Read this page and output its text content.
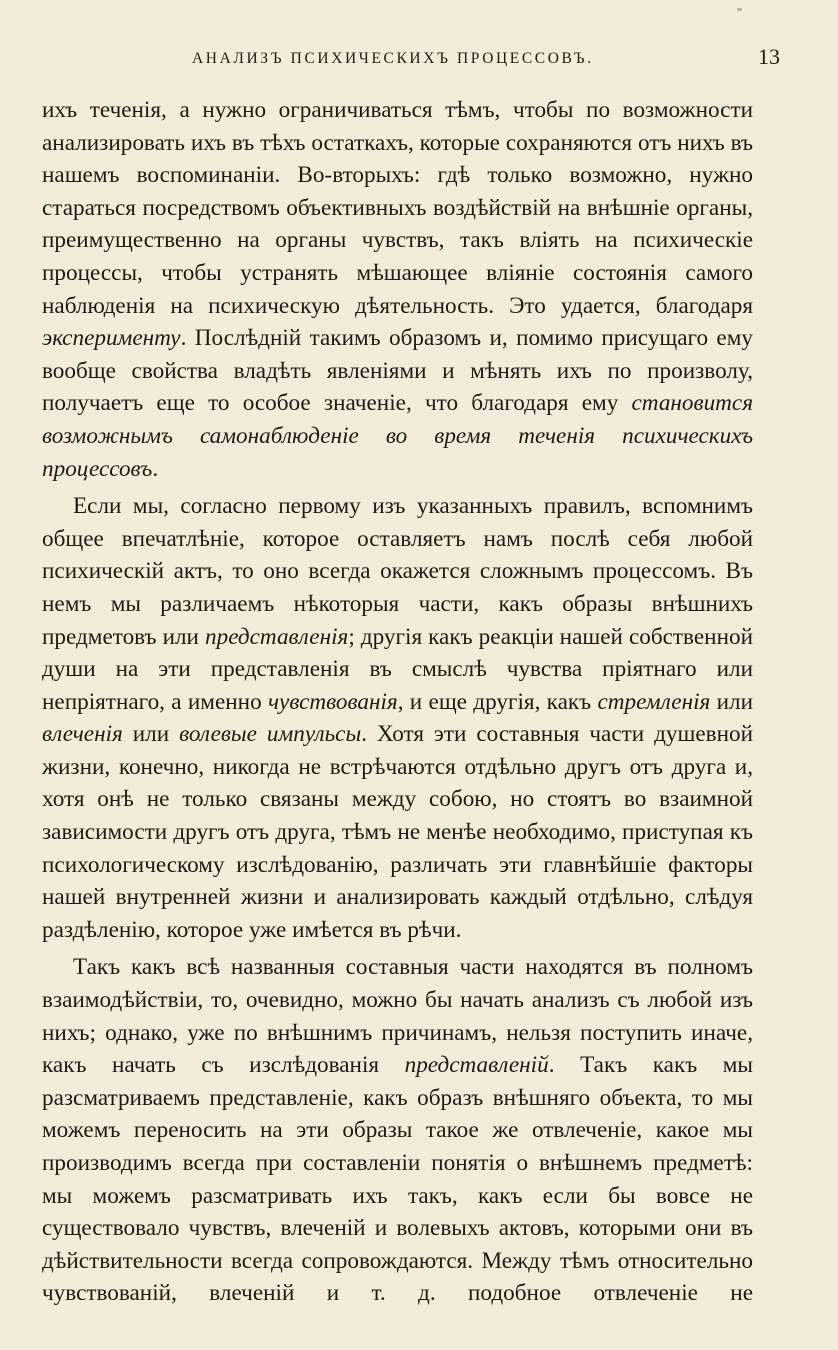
АНАЛИЗЪ ПСИХИЧЕСКИХЪ ПРОЦЕССОВЪ.	13

ихъ теченія, а нужно ограничиваться тѣмъ, чтобы по возможности анализировать ихъ въ тѣхъ остаткахъ, которые сохраняются отъ нихъ въ нашемъ воспоминаніи. Во-вторыхъ: гдѣ только возможно, нужно стараться посредствомъ объективныхъ воздѣйствій на внѣшніе органы, преимущественно на органы чувствъ, такъ влiять на психическіе процессы, чтобы устранять мѣшающее вліяніе состоянія самого наблюденія на психическую дѣятельность. Это удается, благодаря эксперименту. Послѣдній такимъ образомъ и, помимо присущаго ему вообще свойства владѣть явленіями и мѣнять ихъ по произволу, получаетъ еще то особое значеніе, что благодаря ему становится возможнымъ самонаблюденіе во время теченія психическихъ процессовъ.

Если мы, согласно первому изъ указанныхъ правилъ, вспомнимъ общее впечатлѣніе, которое оставляетъ намъ послѣ себя любой психическій актъ, то оно всегда окажется сложнымъ процессомъ. Въ немъ мы различаемъ нѣкоторыя части, какъ образы внѣшнихъ предметовъ или представленія; другія какъ реакціи нашей собственной души на эти представленія въ смыслѣ чувства пріятнаго или непріятнаго, а именно чувствованія, и еще другія, какъ стремленія или влеченія или волевые импульсы. Хотя эти составныя части душевной жизни, конечно, никогда не встрѣчаются отдѣльно другъ отъ друга и, хотя онѣ не только связаны между собою, но стоятъ во взаимной зависимости другъ отъ друга, тѣмъ не менѣе необходимо, приступая къ психологическому изслѣдованію, различать эти главнѣйшіе факторы нашей внутренней жизни и анализировать каждый отдѣльно, слѣдуя раздѣленію, которое уже имѣется въ рѣчи.

Такъ какъ всѣ названныя составныя части находятся въ полномъ взаимодѣйствіи, то, очевидно, можно бы начать анализъ съ любой изъ нихъ; однако, уже по внѣшнимъ причинамъ, нельзя поступить иначе, какъ начать съ изслѣдованія представленій. Такъ какъ мы разсматриваемъ представленіе, какъ образъ внѣшняго объекта, то мы можемъ переносить на эти образы такое же отвлеченіе, какое мы производимъ всегда при составленіи понятія о внѣшнемъ предметѣ: мы можемъ разсматривать ихъ такъ, какъ если бы вовсе не существовало чувствъ, влеченій и волевыхъ актовъ, которыми они въ дѣйствительности всегда сопровождаются. Между тѣмъ относительно чувствованій, влеченій и т. д. подобное отвлеченіе не
